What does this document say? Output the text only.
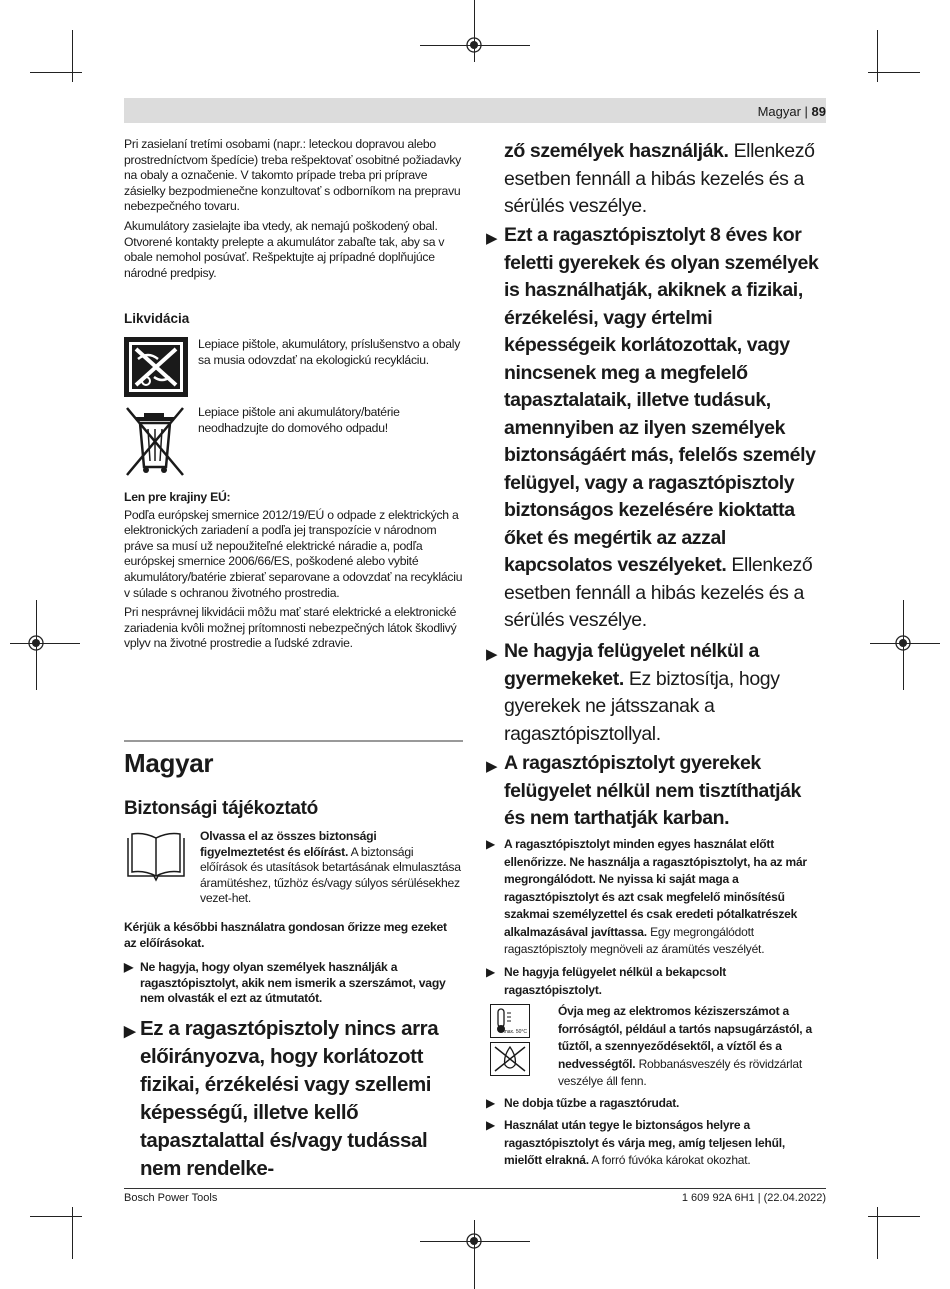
Magyar | 89

Pri zasielaní tretími osobami (napr.: leteckou dopravou alebo prostredníctvom špedície) treba rešpektovať osobitné požiadavky na obaly a označenie. V takomto prípade treba pri príprave zásielky bezpodmienečne konzultovať s odborníkom na prepravu nebezpečného tovaru.

Akumulátory zasielajte iba vtedy, ak nemajú poškodený obal. Otvorené kontakty prelepte a akumulátor zabaľte tak, aby sa v obale nemohol posúvať. Rešpektujte aj prípadné doplňujúce národné predpisy.

Likvidácia
Lepiace pištole, akumulátory, príslušenstvo a obaly sa musia odovzdať na ekologickú recykláciu.
Lepiace pištole ani akumulátory/batérie neodhadzujte do domového odpadu!

Len pre krajiny EÚ:

Podľa európskej smernice 2012/19/EÚ o odpade z elektrických a elektronických zariadení a podľa jej transpozície v národnom práve sa musí už nepoužiteľné elektrické náradie a, podľa európskej smernice 2006/66/ES, poškodené alebo vybité akumulátory/batérie zbierať separovane a odovzdať na recykláciu v súlade s ochranou životného prostredia.

Pri nesprávnej likvidácii môžu mať staré elektrické a elektronické zariadenia kvôli možnej prítomnosti nebezpečných látok škodlivý vplyv na životné prostredie a ľudské zdravie.

Magyar
Biztonsági tájékoztató
Olvassa el az összes biztonsági figyelmeztetést és előírást. A biztonsági előírások és utasítások betartásának elmulasztása áramütéshez, tűzhöz és/vagy súlyos sérülésekhez vezet-het.
Kérjük a későbbi használatra gondosan őrizze meg ezeket az előírásokat.
▶ Ne hagyja, hogy olyan személyek használják a ragasztópisztolyt, akik nem ismerik a szerszámot, vagy nem olvasták el ezt az útmutatót.
▶ Ez a ragasztópisztoly nincs arra előirányozva, hogy korlátozott fizikai, érzékelési vagy szellemi képességű, illetve kellő tapasztalattal és/vagy tudással nem rendelke-
ző személyek használják. Ellenkező esetben fennáll a hibás kezelés és a sérülés veszélye.
▶ Ezt a ragasztópisztolyt 8 éves kor feletti gyerekek és olyan személyek is használhatják, akiknek a fizikai, érzékelési, vagy értelmi képességeik korlátozottak, vagy nincsenek meg a megfelelő tapasztalataik, illetve tudásuk, amennyiben az ilyen személyek biztonságáért más, felelős személy felügyel, vagy a ragasztópisztoly biztonságos kezelésére kioktatta őket és megértik az azzal kapcsolatos veszélyeket. Ellenkező esetben fennáll a hibás kezelés és a sérülés veszélye.
▶ Ne hagyja felügyelet nélkül a gyermekeket. Ez biztosítja, hogy gyerekek ne játsszanak a ragasztópisztollyal.
▶ A ragasztópisztolyt gyerekek felügyelet nélkül nem tisztíthatják és nem tarthatják karban.
▶ A ragasztópisztolyt minden egyes használat előtt ellenőrizze. Ne használja a ragasztópisztolyt, ha az már megrongálódott. Ne nyissa ki saját maga a ragasztópisztolyt és azt csak megfelelő minősítésű szakmai személyzettel és csak eredeti pótalkatrészek alkalmazásával javíttassa. Egy megrongálódott ragasztópisztoly megnöveli az áramütés veszélyét.
▶ Ne hagyja felügyelet nélkül a bekapcsolt ragasztópisztolyt.
max. 50°C
Óvja meg az elektromos kéziszerszámot a forróságtól, például a tartós napsugárzástól, a tűztől, a szennyeződésektől, a víztől és a nedvességtől. Robbanásveszély és rövidzárlat veszélye áll fenn.
▶ Ne dobja tűzbe a ragasztórudat.
▶ Használat után tegye le biztonságos helyre a ragasztópisztolyt és várja meg, amíg teljesen lehűl, mielőtt elrakná. A forró fúvóka károkat okozhat.
Bosch Power Tools	1 609 92A 6H1 | (22.04.2022)
